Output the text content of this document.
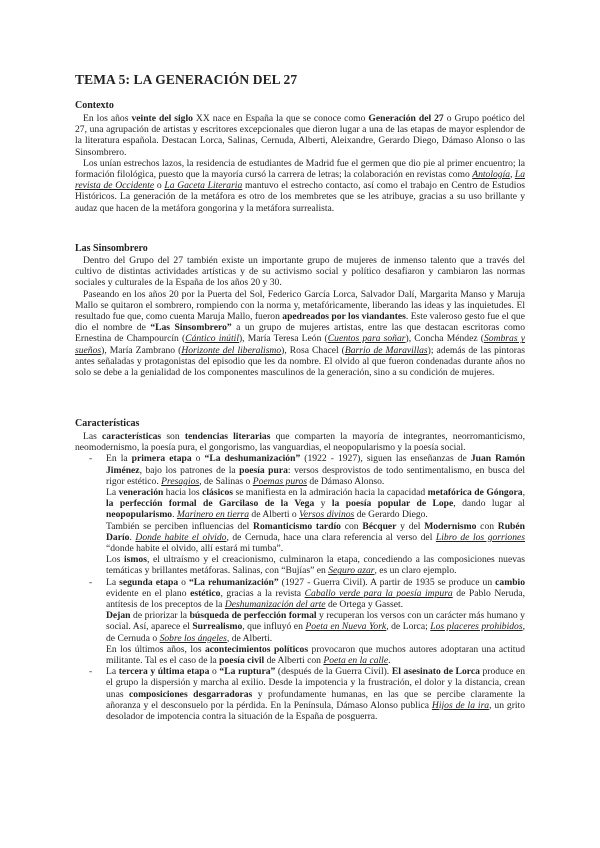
TEMA 5: LA GENERACIÓN DEL 27
Contexto

En los años veinte del siglo XX nace en España la que se conoce como Generación del 27 o Grupo poético del 27, una agrupación de artistas y escritores excepcionales que dieron lugar a una de las etapas de mayor esplendor de la literatura española. Destacan Lorca, Salinas, Cernuda, Alberti, Aleixandre, Gerardo Diego, Dámaso Alonso o las Sinsombrero.

Los unían estrechos lazos, la residencia de estudiantes de Madrid fue el germen que dio pie al primer encuentro; la formación filológica, puesto que la mayoría cursó la carrera de letras; la colaboración en revistas como Antología, La revista de Occidente o La Gaceta Literaria mantuvo el estrecho contacto, así como el trabajo en Centro de Estudios Históricos. La generación de la metáfora es otro de los membretes que se les atribuye, gracias a su uso brillante y audaz que hacen de la metáfora gongorina y la metáfora surrealista.

Las Sinsombrero

Dentro del Grupo del 27 también existe un importante grupo de mujeres de inmenso talento que a través del cultivo de distintas actividades artísticas y de su activismo social y político desafiaron y cambiaron las normas sociales y culturales de la España de los años 20 y 30.

Paseando en los años 20 por la Puerta del Sol, Federico García Lorca, Salvador Dalí, Margarita Manso y Maruja Mallo se quitaron el sombrero, rompiendo con la norma y, metafóricamente, liberando las ideas y las inquietudes. El resultado fue que, como cuenta Maruja Mallo, fueron apedreados por los viandantes. Este valeroso gesto fue el que dio el nombre de “Las Sinsombrero” a un grupo de mujeres artistas, entre las que destacan escritoras como Ernestina de Champourcín (Cántico inútil), María Teresa León (Cuentos para soñar), Concha Méndez (Sombras y sueños), María Zambrano (Horizonte del liberalismo), Rosa Chacel (Barrio de Maravillas); además de las pintoras antes señaladas y protagonistas del episodio que les da nombre. El olvido al que fueron condenadas durante años no solo se debe a la genialidad de los componentes masculinos de la generación, sino a su condición de mujeres.

Características

Las características son tendencias literarias que comparten la mayoría de integrantes, neorromanticismo, neomodernismo, la poesía pura, el gongorismo, las vanguardias, el neopopularismo y la poesía social.

- En la primera etapa o “La deshumanización” (1922 - 1927), siguen las enseñanzas de Juan Ramón Jiménez, bajo los patrones de la poesía pura: versos desprovistos de todo sentimentalismo, en busca del rigor estético. Presagios, de Salinas o Poemas puros de Dámaso Alonso.

La veneración hacia los clásicos se manifiesta en la admiración hacia la capacidad metafórica de Góngora, la perfección formal de Garcilaso de la Vega y la poesía popular de Lope, dando lugar al neopopularismo. Marinero en tierra de Alberti o Versos divinos de Gerardo Diego.

También se perciben influencias del Romanticismo tardío con Bécquer y del Modernismo con Rubén Darío. Donde habite el olvido, de Cernuda, hace una clara referencia al verso del Libro de los gorriones “donde habite el olvido, allí estará mi tumba”.

Los ismos, el ultraísmo y el creacionismo, culminaron la etapa, concediendo a las composiciones nuevas temáticas y brillantes metáforas. Salinas, con “Bujías” en Seguro azar, es un claro ejemplo.

- La segunda etapa o “La rehumanización” (1927 - Guerra Civil). A partir de 1935 se produce un cambio evidente en el plano estético, gracias a la revista Caballo verde para la poesía impura de Pablo Neruda, antítesis de los preceptos de la Deshumanización del arte de Ortega y Gasset.

Dejan de priorizar la búsqueda de perfección formal y recuperan los versos con un carácter más humano y social. Así, aparece el Surrealismo, que influyó en Poeta en Nueva York, de Lorca; Los placeres prohibidos, de Cernuda o Sobre los ángeles, de Alberti.

En los últimos años, los acontecimientos políticos provocaron que muchos autores adoptaran una actitud militante. Tal es el caso de la poesía civil de Alberti con Poeta en la calle.

- La tercera y última etapa o “La ruptura” (después de la Guerra Civil). El asesinato de Lorca produce en el grupo la dispersión y marcha al exilio. Desde la impotencia y la frustración, el dolor y la distancia, crean unas composiciones desgarradoras y profundamente humanas, en las que se percibe claramente la añoranza y el desconsuelo por la pérdida. En la Península, Dámaso Alonso publica Hijos de la ira, un grito desolador de impotencia contra la situación de la España de posguerra.
